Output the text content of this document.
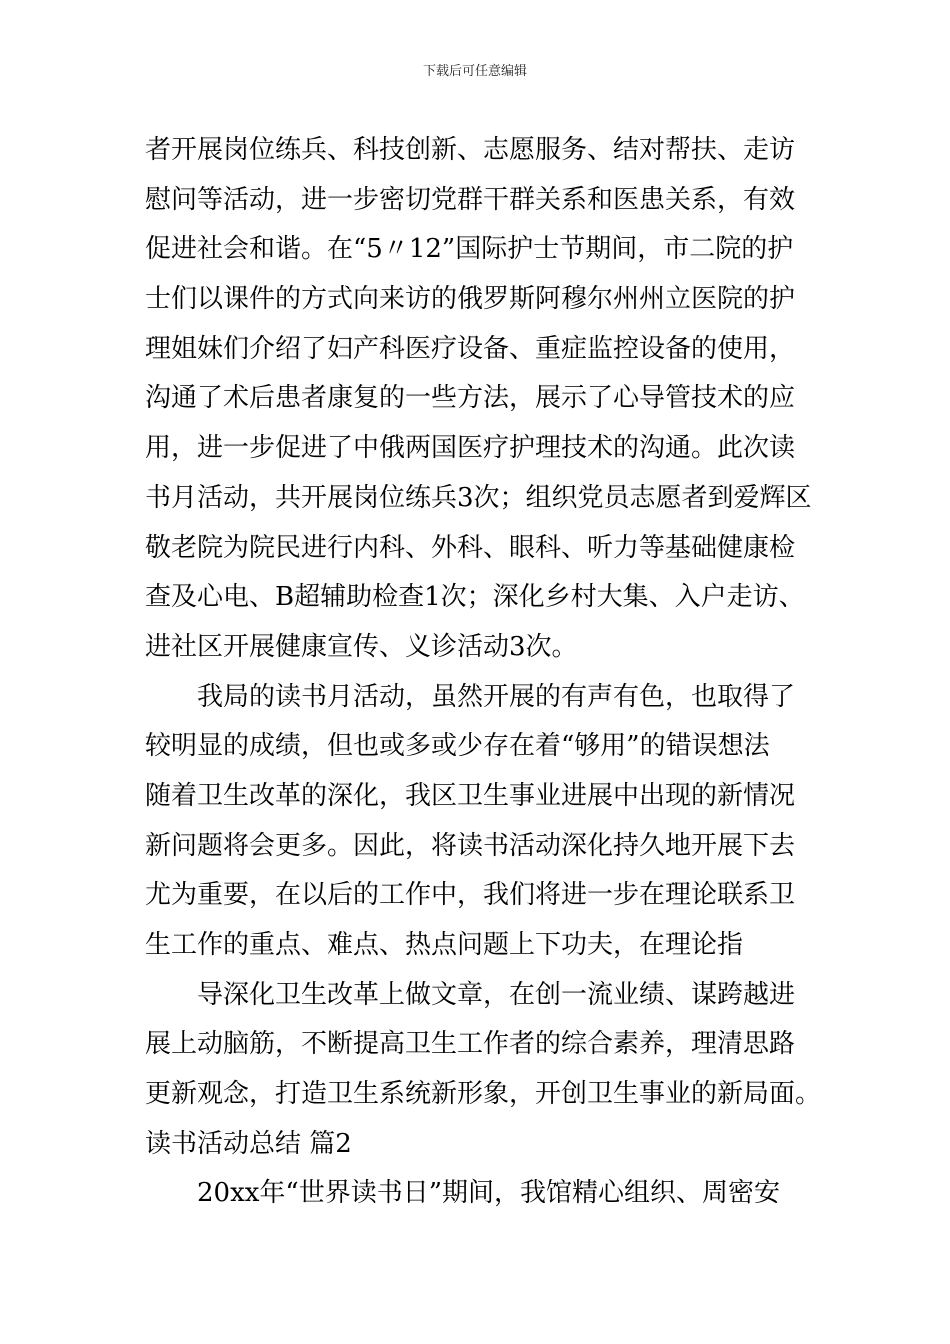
下载后可任意编辑
者开展岗位练兵、科技创新、志愿服务、结对帮扶、走访
慰问等活动，进一步密切党群干群关系和医患关系，有效
促进社会和谐。在“5〃12”国际护士节期间，市二院的护
士们以课件的方式向来访的俄罗斯阿穆尔州州立医院的护
理姐妹们介绍了妇产科医疗设备、重症监控设备的使用，
沟通了术后患者康复的一些方法，展示了心导管技术的应
用，进一步促进了中俄两国医疗护理技术的沟通。此次读
书月活动，共开展岗位练兵3次；组织党员志愿者到爱辉区
敬老院为院民进行内科、外科、眼科、听力等基础健康检
查及心电、B超辅助检查1次；深化乡村大集、入户走访、
进社区开展健康宣传、义诊活动3次。
我局的读书月活动，虽然开展的有声有色，也取得了
较明显的成绩，但也或多或少存在着“够用”的错误想法
随着卫生改革的深化，我区卫生事业进展中出现的新情况
新问题将会更多。因此，将读书活动深化持久地开展下去
尤为重要，在以后的工作中，我们将进一步在理论联系卫
生工作的重点、难点、热点问题上下功夫，在理论指
导深化卫生改革上做文章，在创一流业绩、谋跨越进
展上动脑筋，不断提高卫生工作者的综合素养，理清思路
更新观念，打造卫生系统新形象，开创卫生事业的新局面。
读书活动总结 篇2
20xx年“世界读书日”期间，我馆精心组织、周密安
